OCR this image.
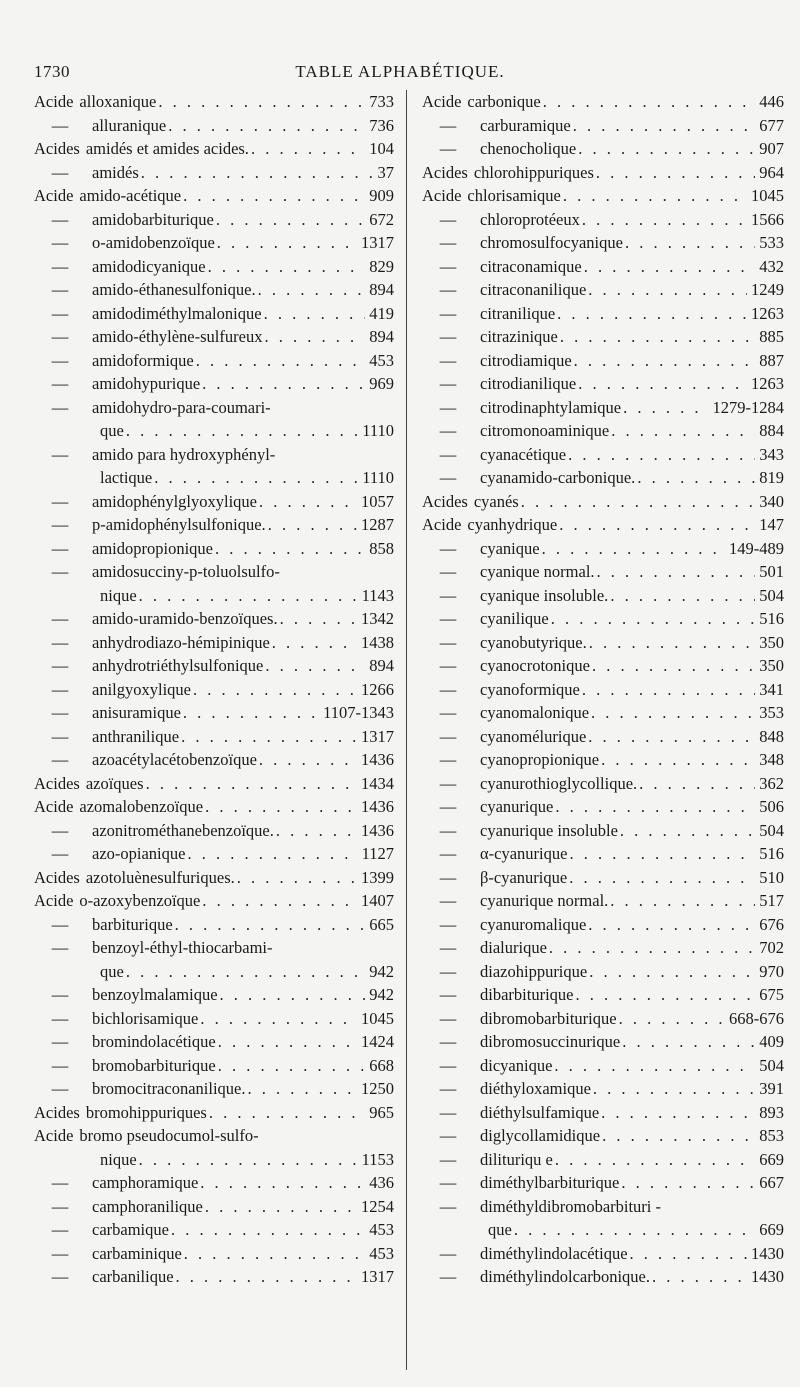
1730	TABLE ALPHABÉTIQUE.
Acide alloxanique . . .	733
—	alluranique . . .	736
Acides amidés et amides acides. . . .	104
—	amidés . . .	37
Acide amido-acétique . . .	909
—	amidobarbiturique . . .	672
—	o-amidobenzoïque . . .	1317
—	amidodicyanique . . .	829
—	amido-éthanesulfonique. . . .	894
—	amidodiméthylmalonique . . .	419
—	amido-éthylène-sulfureux . . .	894
—	amidoformique . . .	453
—	amidohypurique . . .	969
—	amidohydro-para-coumari-
que . . .	1110
—	amido para hydroxyphényl-
lactique . . .	1110
—	amidophénylglyoxylique . . .	1057
—	p-amidophénylsulfonique. . . .	1287
—	amidopropionique . . .	858
—	amidosucciny-p-toluolsulfo-
nique . . .	1143
—	amido-uramido-benzoïques. . . .	1342
—	anhydrodiazo-hémipinique . . .	1438
—	anhydrotriéthylsulfonique . . .	894
—	anilgyoxylique . . .	1266
—	anisuramique . . .	1107-1343
—	anthranilique . . .	1317
—	azoacétylacétobenzoïque . . .	1436
Acides azoïques . . .	1434
Acide azomalobenzoïque . . .	1436
—	azonitrométhanebenzoïque. . . .	1436
—	azo-opianique . . .	1127
Acides azotoluènesulfuriques. . . .	1399
Acide o-azoxybenzoïque . . .	1407
—	barbiturique . . .	665
—	benzoyl-éthyl-thiocarbami-
que . . .	942
—	benzoylmalamique . . .	942
—	bichlorisamique . . .	1045
—	bromindolacétique . . .	1424
—	bromobarbiturique . . .	668
—	bromocitraconanilique. . . .	1250
Acides bromohippuriques . . .	965
Acide bromo pseudocumol-sulfo-
nique . . .	1153
—	camphoramique . . .	436
—	camphoranilique . . .	1254
—	carbamique . . .	453
—	carbaminique . . .	453
—	carbanilique . . .	1317
Acide carbonique . . .	446
—	carburamique . . .	677
—	chenocholique . . .	907
Acides chlorohippuriques . . .	964
Acide chlorisamique . . .	1045
—	chloroprotéeux . . .	1566
—	chromosulfocyanique . . .	533
—	citraconamique . . .	432
—	citraconanilique . . .	1249
—	citranilique . . .	1263
—	citrazinique . . .	885
—	citrodiamique . . .	887
—	citrodianilique . . .	1263
—	citrodinaphtylamique . . .	1279-1284
—	citromonoaminique . . .	884
—	cyanacétique . . .	343
—	cyanamido-carbonique. . . .	819
Acides cyanés . . .	340
Acide cyanhydrique . . .	147
—	cyanique . . .	149-489
—	cyanique normal. . . .	501
—	cyanique insoluble. . . .	504
—	cyanilique . . .	516
—	cyanobutyrique. . . .	350
—	cyanocrotonique . . .	350
—	cyanoformique . . .	341
—	cyanomalonique . . .	353
—	cyanomélurique . . .	848
—	cyanopropionique . . .	348
—	cyanurothioglycollique. . . .	362
—	cyanurique . . .	506
—	cyanurique insoluble . . .	504
—	α-cyanurique . . .	516
—	β-cyanurique . . .	510
—	cyanurique normal. . . .	517
—	cyanuromalique . . .	676
—	dialurique . . .	702
—	diazohippurique . . .	970
—	dibarbiturique . . .	675
—	dibromobarbiturique . . .	668-676
—	dibromosuccinurique . . .	409
—	dicyanique . . .	504
—	diéthyloxamique . . .	391
—	diéthylsulfamique . . .	893
—	diglycollamidique . . .	853
—	dilituriqu e . . .	669
—	diméthylbarbiturique . . .	667
—	diméthyldibromobarbituri -
que . . .	669
—	diméthylindolacétique . . .	1430
—	diméthylindolcarbonique. . . .	1430
